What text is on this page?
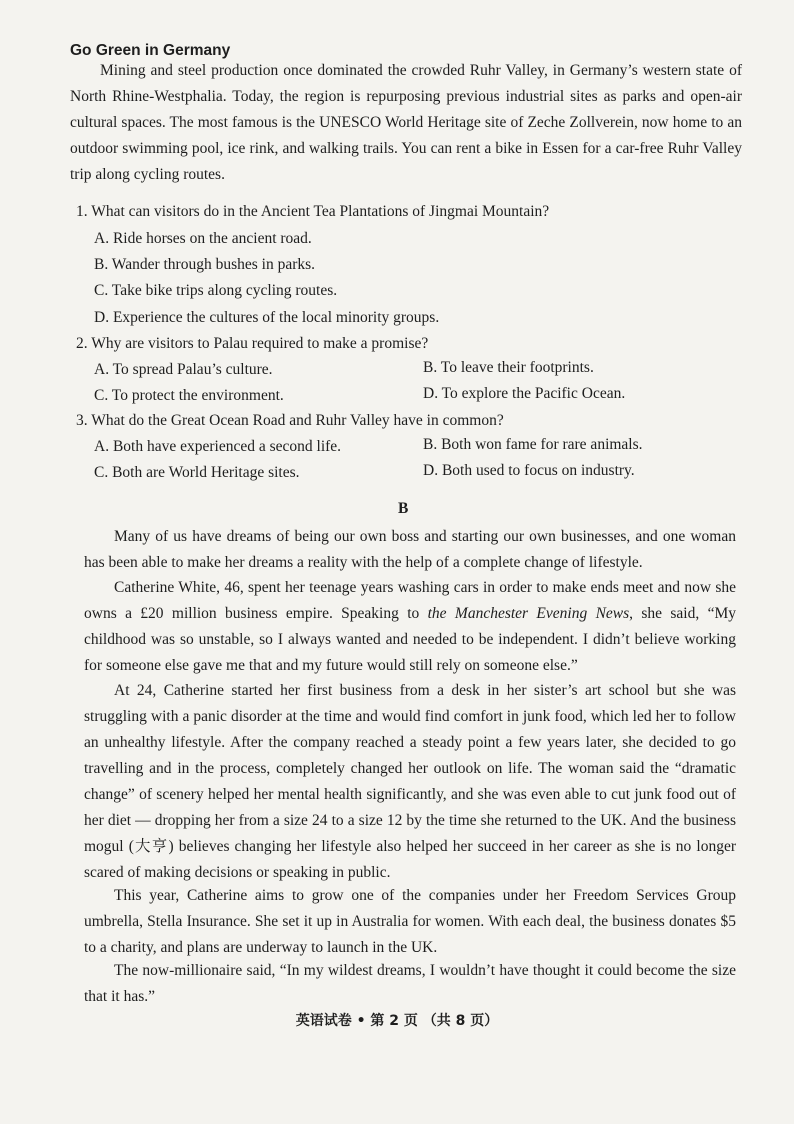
Go Green in Germany
Mining and steel production once dominated the crowded Ruhr Valley, in Germany’s western state of North Rhine-Westphalia. Today, the region is repurposing previous industrial sites as parks and open-air cultural spaces. The most famous is the UNESCO World Heritage site of Zeche Zollverein, now home to an outdoor swimming pool, ice rink, and walking trails. You can rent a bike in Essen for a car-free Ruhr Valley trip along cycling routes.
1. What can visitors do in the Ancient Tea Plantations of Jingmai Mountain?
A. Ride horses on the ancient road.
B. Wander through bushes in parks.
C. Take bike trips along cycling routes.
D. Experience the cultures of the local minority groups.
2. Why are visitors to Palau required to make a promise?
A. To spread Palau’s culture.	B. To leave their footprints.
C. To protect the environment.	D. To explore the Pacific Ocean.
3. What do the Great Ocean Road and Ruhr Valley have in common?
A. Both have experienced a second life.	B. Both won fame for rare animals.
C. Both are World Heritage sites.	D. Both used to focus on industry.
B
Many of us have dreams of being our own boss and starting our own businesses, and one woman has been able to make her dreams a reality with the help of a complete change of lifestyle.
Catherine White, 46, spent her teenage years washing cars in order to make ends meet and now she owns a £20 million business empire. Speaking to the Manchester Evening News, she said, “My childhood was so unstable, so I always wanted and needed to be independent. I didn’t believe working for someone else gave me that and my future would still rely on someone else.”
At 24, Catherine started her first business from a desk in her sister’s art school but she was struggling with a panic disorder at the time and would find comfort in junk food, which led her to follow an unhealthy lifestyle. After the company reached a steady point a few years later, she decided to go travelling and in the process, completely changed her outlook on life. The woman said the “dramatic change” of scenery helped her mental health significantly, and she was even able to cut junk food out of her diet — dropping her from a size 24 to a size 12 by the time she returned to the UK. And the business mogul (大亨) believes changing her lifestyle also helped her succeed in her career as she is no longer scared of making decisions or speaking in public.
This year, Catherine aims to grow one of the companies under her Freedom Services Group umbrella, Stella Insurance. She set it up in Australia for women. With each deal, the business donates $5 to a charity, and plans are underway to launch in the UK.
The now-millionaire said, “In my wildest dreams, I wouldn’t have thought it could become the size that it has.”
英语试卷 • 第 2 页 （共 8 页）
